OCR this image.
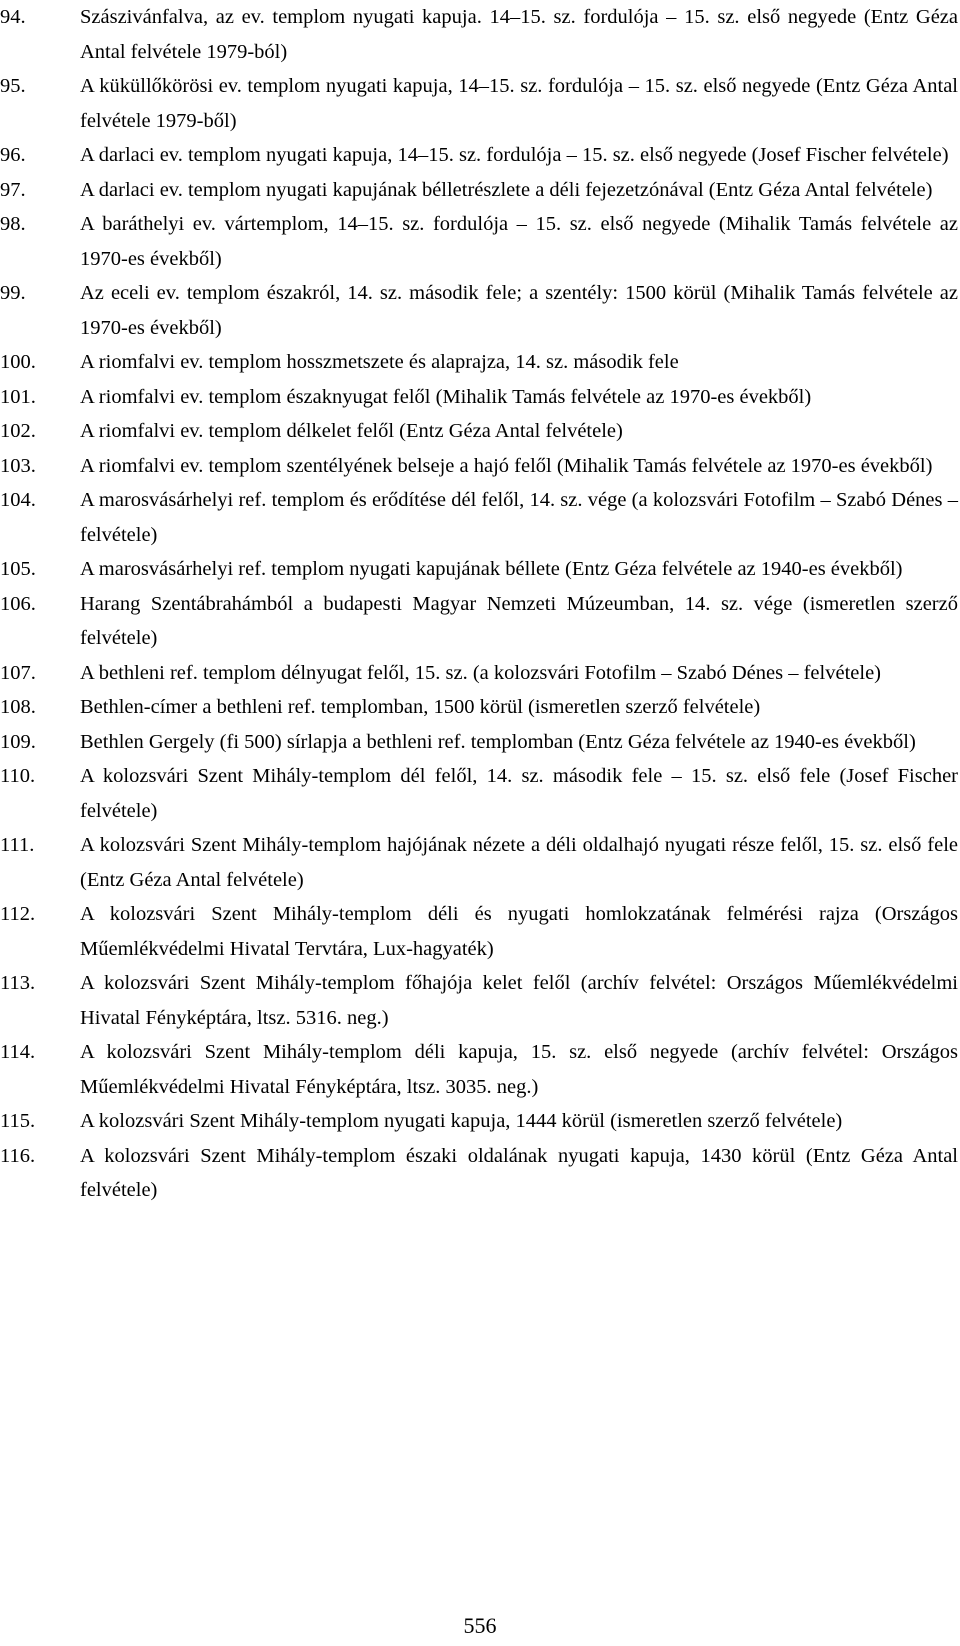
94.	Szászivánfalva, az ev. templom nyugati kapuja. 14–15. sz. fordulója – 15. sz. első negyede (Entz Géza Antal felvétele 1979-ból)
95.	A küküllőkörösi ev. templom nyugati kapuja, 14–15. sz. fordulója – 15. sz. első negyede (Entz Géza Antal felvétele 1979-ből)
96.	A darlaci ev. templom nyugati kapuja, 14–15. sz. fordulója – 15. sz. első negyede (Josef Fischer felvétele)
97.	A darlaci ev. templom nyugati kapujának bélletrészlete a déli fejezetzónával (Entz Géza Antal felvétele)
98.	A baráthelyi ev. vártemplom, 14–15. sz. fordulója – 15. sz. első negyede (Mihalik Tamás felvétele az 1970-es évekből)
99.	Az eceli ev. templom északról, 14. sz. második fele; a szentély: 1500 körül (Mihalik Tamás felvétele az 1970-es évekből)
100.	A riomfalvi ev. templom hosszmetszete és alaprajza, 14. sz. második fele
101.	A riomfalvi ev. templom északnyugat felől (Mihalik Tamás felvétele az 1970-es évekből)
102.	A riomfalvi ev. templom délkelet felől (Entz Géza Antal felvétele)
103.	A riomfalvi ev. templom szentélyének belseje a hajó felől (Mihalik Tamás felvétele az 1970-es évekből)
104.	A marosvásárhelyi ref. templom és erődítése dél felől, 14. sz. vége (a kolozsvári Fotofilm – Szabó Dénes – felvétele)
105.	A marosvásárhelyi ref. templom nyugati kapujának béllete (Entz Géza felvétele az 1940-es évekből)
106.	Harang Szentábrahámból a budapesti Magyar Nemzeti Múzeumban, 14. sz. vége (ismeretlen szerző felvétele)
107.	A bethleni ref. templom délnyugat felől, 15. sz. (a kolozsvári Fotofilm – Szabó Dénes – felvétele)
108.	Bethlen-címer a bethleni ref. templomban, 1500 körül (ismeretlen szerző felvétele)
109.	Bethlen Gergely (fi 500) sírlapja a bethleni ref. templomban (Entz Géza felvétele az 1940-es évekből)
110.	A kolozsvári Szent Mihály-templom dél felől, 14. sz. második fele – 15. sz. első fele (Josef Fischer felvétele)
111.	A kolozsvári Szent Mihály-templom hajójának nézete a déli oldalhajó nyugati része felől, 15. sz. első fele (Entz Géza Antal felvétele)
112.	A kolozsvári Szent Mihály-templom déli és nyugati homlokzatának felmérési rajza (Országos Műemlékvédelmi Hivatal Tervtára, Lux-hagyaték)
113.	A kolozsvári Szent Mihály-templom főhajója kelet felől (archív felvétel: Országos Műemlékvédelmi Hivatal Fényképtára, ltsz. 5316. neg.)
114.	A kolozsvári Szent Mihály-templom déli kapuja, 15. sz. első negyede (archív felvétel: Országos Műemlékvédelmi Hivatal Fényképtára, ltsz. 3035. neg.)
115.	A kolozsvári Szent Mihály-templom nyugati kapuja, 1444 körül (ismeretlen szerző felvétele)
116.	A kolozsvári Szent Mihály-templom északi oldalának nyugati kapuja, 1430 körül (Entz Géza Antal felvétele)
556
